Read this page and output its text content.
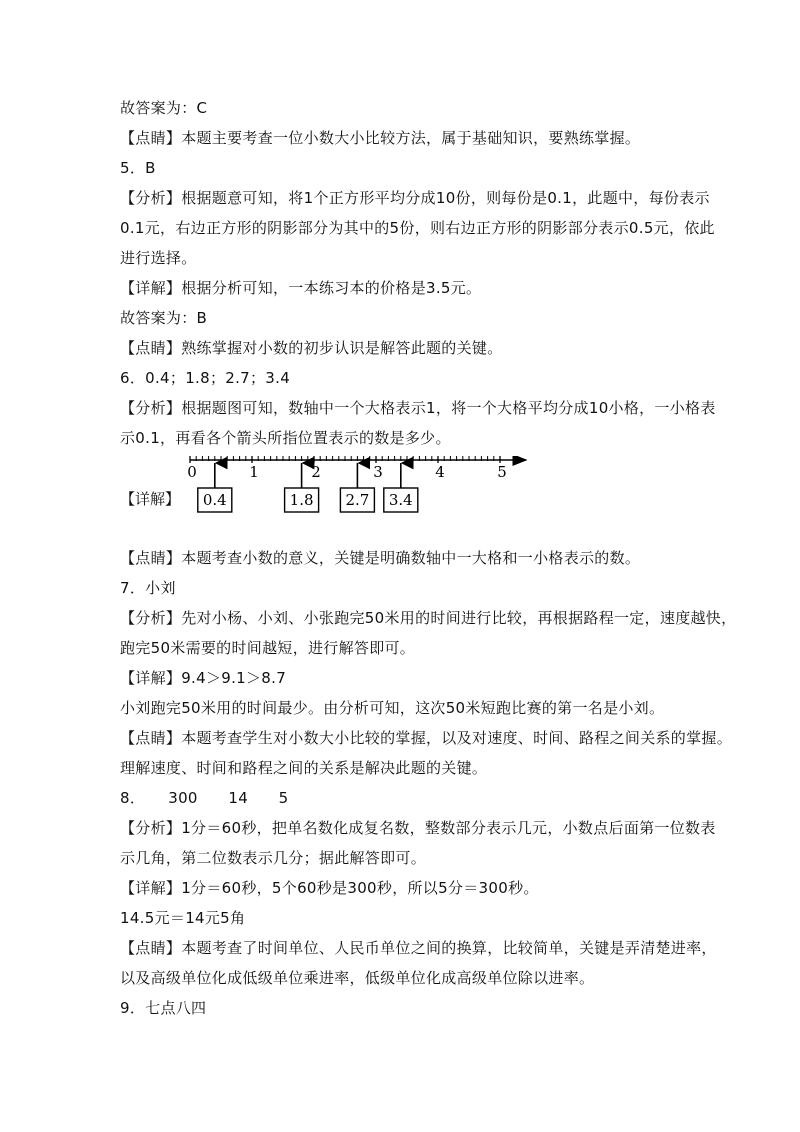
故答案为：C
【点睛】本题主要考查一位小数大小比较方法，属于基础知识，要熟练掌握。
5．B
【分析】根据题意可知，将1个正方形平均分成10份，则每份是0.1，此题中，每份表示
0.1元，右边正方形的阴影部分为其中的5份，则右边正方形的阴影部分表示0.5元，依此
进行选择。
【详解】根据分析可知，一本练习本的价格是3.5元。
故答案为：B
【点睛】熟练掌握对小数的初步认识是解答此题的关键。
6．0.4；1.8；2.7；3.4
【分析】根据题图可知，数轴中一个大格表示1，将一个大格平均分成10小格，一小格表
示0.1，再看各个箭头所指位置表示的数是多少。
【详解】
0	1	2	3	4	5
0.4	1.8 2.7 3.4
【点睛】本题考查小数的意义，关键是明确数轴中一大格和一小格表示的数。
7．小刘
【分析】先对小杨、小刘、小张跑完50米用的时间进行比较，再根据路程一定，速度越快，
跑完50米需要的时间越短，进行解答即可。
【详解】9.4＞9.1＞8.7
小刘跑完50米用的时间最少。由分析可知，这次50米短跑比赛的第一名是小刘。
【点睛】本题考查学生对小数大小比较的掌握，以及对速度、时间、路程之间关系的掌握。
理解速度、时间和路程之间的关系是解决此题的关键。
8．　　300　　14　　5
【分析】1分＝60秒，把单名数化成复名数，整数部分表示几元，小数点后面第一位数表
示几角，第二位数表示几分；据此解答即可。
【详解】1分＝60秒，5个60秒是300秒，所以5分＝300秒。
14.5元＝14元5角
【点睛】本题考查了时间单位、人民币单位之间的换算，比较简单，关键是弄清楚进率，
以及高级单位化成低级单位乘进率，低级单位化成高级单位除以进率。
9．七点八四
